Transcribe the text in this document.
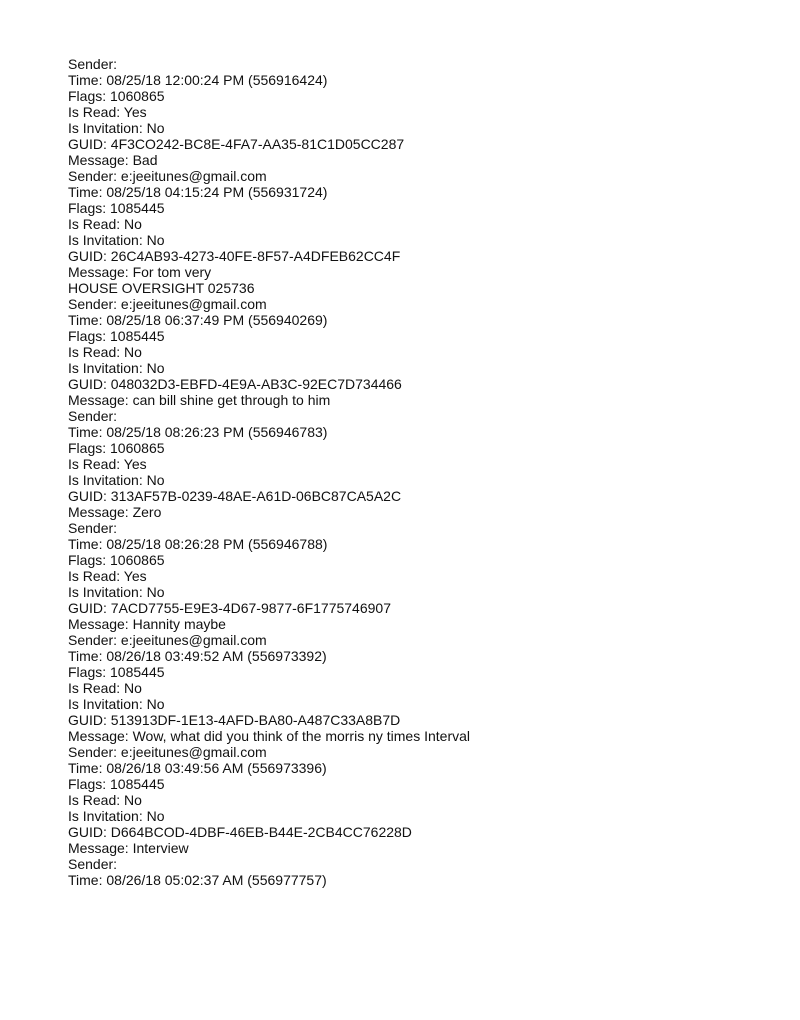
Sender:
Time: 08/25/18 12:00:24 PM (556916424)
Flags: 1060865
Is Read: Yes
Is Invitation: No
GUID: 4F3CO242-BC8E-4FA7-AA35-81C1D05CC287
Message: Bad
Sender: e:jeeitunes@gmail.com
Time: 08/25/18 04:15:24 PM (556931724)
Flags: 1085445
Is Read: No
Is Invitation: No
GUID: 26C4AB93-4273-40FE-8F57-A4DFEB62CC4F
Message: For tom very
HOUSE OVERSIGHT 025736
Sender: e:jeeitunes@gmail.com
Time: 08/25/18 06:37:49 PM (556940269)
Flags: 1085445
Is Read: No
Is Invitation: No
GUID: 048032D3-EBFD-4E9A-AB3C-92EC7D734466
Message: can bill shine get through to him
Sender:
Time: 08/25/18 08:26:23 PM (556946783)
Flags: 1060865
Is Read: Yes
Is Invitation: No
GUID: 313AF57B-0239-48AE-A61D-06BC87CA5A2C
Message: Zero
Sender:
Time: 08/25/18 08:26:28 PM (556946788)
Flags: 1060865
Is Read: Yes
Is Invitation: No
GUID: 7ACD7755-E9E3-4D67-9877-6F1775746907
Message: Hannity maybe
Sender: e:jeeitunes@gmail.com
Time: 08/26/18 03:49:52 AM (556973392)
Flags: 1085445
Is Read: No
Is Invitation: No
GUID: 513913DF-1E13-4AFD-BA80-A487C33A8B7D
Message: Wow, what did you think of the morris ny times Interval
Sender: e:jeeitunes@gmail.com
Time: 08/26/18 03:49:56 AM (556973396)
Flags: 1085445
Is Read: No
Is Invitation: No
GUID: D664BCOD-4DBF-46EB-B44E-2CB4CC76228D
Message: Interview
Sender:
Time: 08/26/18 05:02:37 AM (556977757)
